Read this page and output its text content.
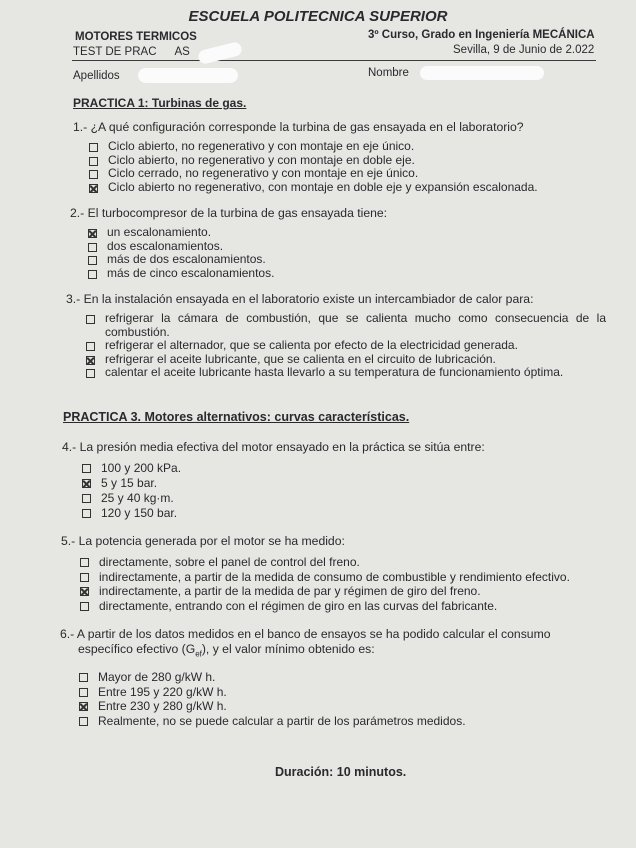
ESCUELA POLITECNICA SUPERIOR
MOTORES TERMICOS
TEST DE PRAC AS
3º Curso, Grado en Ingeniería MECÁNICA
Sevilla, 9 de Junio de 2.022
Apellidos	Nombre
PRACTICA 1: Turbinas de gas.
1.- ¿A qué configuración corresponde la turbina de gas ensayada en el laboratorio?
Ciclo abierto, no regenerativo y con montaje en eje único.
Ciclo abierto, no regenerativo y con montaje en doble eje.
Ciclo cerrado, no regenerativo y con montaje en eje único.
Ciclo abierto no regenerativo, con montaje en doble eje y expansión escalonada.
2.- El turbocompresor de la turbina de gas ensayada tiene:
un escalonamiento.
dos escalonamientos.
más de dos escalonamientos.
más de cinco escalonamientos.
3.- En la instalación ensayada en el laboratorio existe un intercambiador de calor para:
refrigerar la cámara de combustión, que se calienta mucho como consecuencia de la combustión.
refrigerar el alternador, que se calienta por efecto de la electricidad generada.
refrigerar el aceite lubricante, que se calienta en el circuito de lubricación.
calentar el aceite lubricante hasta llevarlo a su temperatura de funcionamiento óptima.
PRACTICA 3. Motores alternativos: curvas características.
4.- La presión media efectiva del motor ensayado en la práctica se sitúa entre:
100 y 200 kPa.
5 y 15 bar.
25 y 40 kg·m.
120 y 150 bar.
5.- La potencia generada por el motor se ha medido:
directamente, sobre el panel de control del freno.
indirectamente, a partir de la medida de consumo de combustible y rendimiento efectivo.
indirectamente, a partir de la medida de par y régimen de giro del freno.
directamente, entrando con el régimen de giro en las curvas del fabricante.
6.- A partir de los datos medidos en el banco de ensayos se ha podido calcular el consumo
específico efectivo $(G_{ef})$, y el valor mínimo obtenido es:
Mayor de 280 g/kW h.
Entre 195 y 220 g/kW h.
Entre 230 y 280 g/kW h.
Realmente, no se puede calcular a partir de los parámetros medidos.
Duración: 10 minutos.
